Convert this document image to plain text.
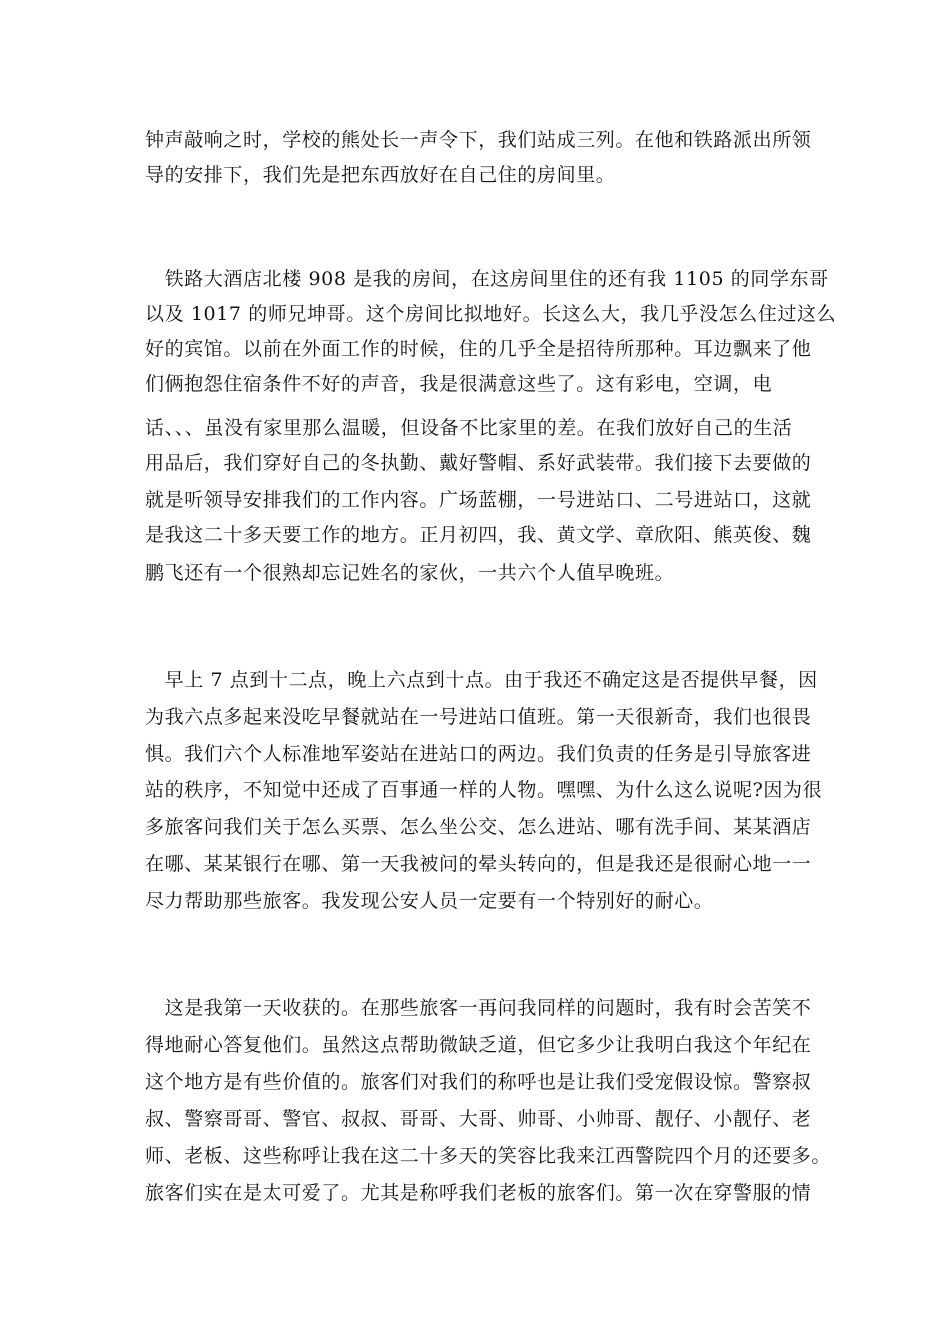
钟声敲响之时，学校的熊处长一声令下，我们站成三列。在他和铁路派出所领
导的安排下，我们先是把东西放好在自己住的房间里。
　铁路大酒店北楼 908 是我的房间，在这房间里住的还有我 1105 的同学东哥
以及 1017 的师兄坤哥。这个房间比拟地好。长这么大，我几乎没怎么住过这么
好的宾馆。以前在外面工作的时候，住的几乎全是招待所那种。耳边飘来了他
们俩抱怨住宿条件不好的声音，我是很满意这些了。这有彩电，空调，电
话、、、虽没有家里那么温暖，但设备不比家里的差。在我们放好自己的生活
用品后，我们穿好自己的冬执勤、戴好警帽、系好武装带。我们接下去要做的
就是听领导安排我们的工作内容。广场蓝棚，一号进站口、二号进站口，这就
是我这二十多天要工作的地方。正月初四，我、黄文学、章欣阳、熊英俊、魏
鹏飞还有一个很熟却忘记姓名的家伙，一共六个人值早晚班。
　早上 7 点到十二点，晚上六点到十点。由于我还不确定这是否提供早餐，因
为我六点多起来没吃早餐就站在一号进站口值班。第一天很新奇，我们也很畏
惧。我们六个人标准地军姿站在进站口的两边。我们负责的任务是引导旅客进
站的秩序，不知觉中还成了百事通一样的人物。嘿嘿、为什么这么说呢?因为很
多旅客问我们关于怎么买票、怎么坐公交、怎么进站、哪有洗手间、某某酒店
在哪、某某银行在哪、第一天我被问的晕头转向的，但是我还是很耐心地一一
尽力帮助那些旅客。我发现公安人员一定要有一个特别好的耐心。
　这是我第一天收获的。在那些旅客一再问我同样的问题时，我有时会苦笑不
得地耐心答复他们。虽然这点帮助微缺乏道，但它多少让我明白我这个年纪在
这个地方是有些价值的。旅客们对我们的称呼也是让我们受宠假设惊。警察叔
叔、警察哥哥、警官、叔叔、哥哥、大哥、帅哥、小帅哥、靓仔、小靓仔、老
师、老板、这些称呼让我在这二十多天的笑容比我来江西警院四个月的还要多。
旅客们实在是太可爱了。尤其是称呼我们老板的旅客们。第一次在穿警服的情
